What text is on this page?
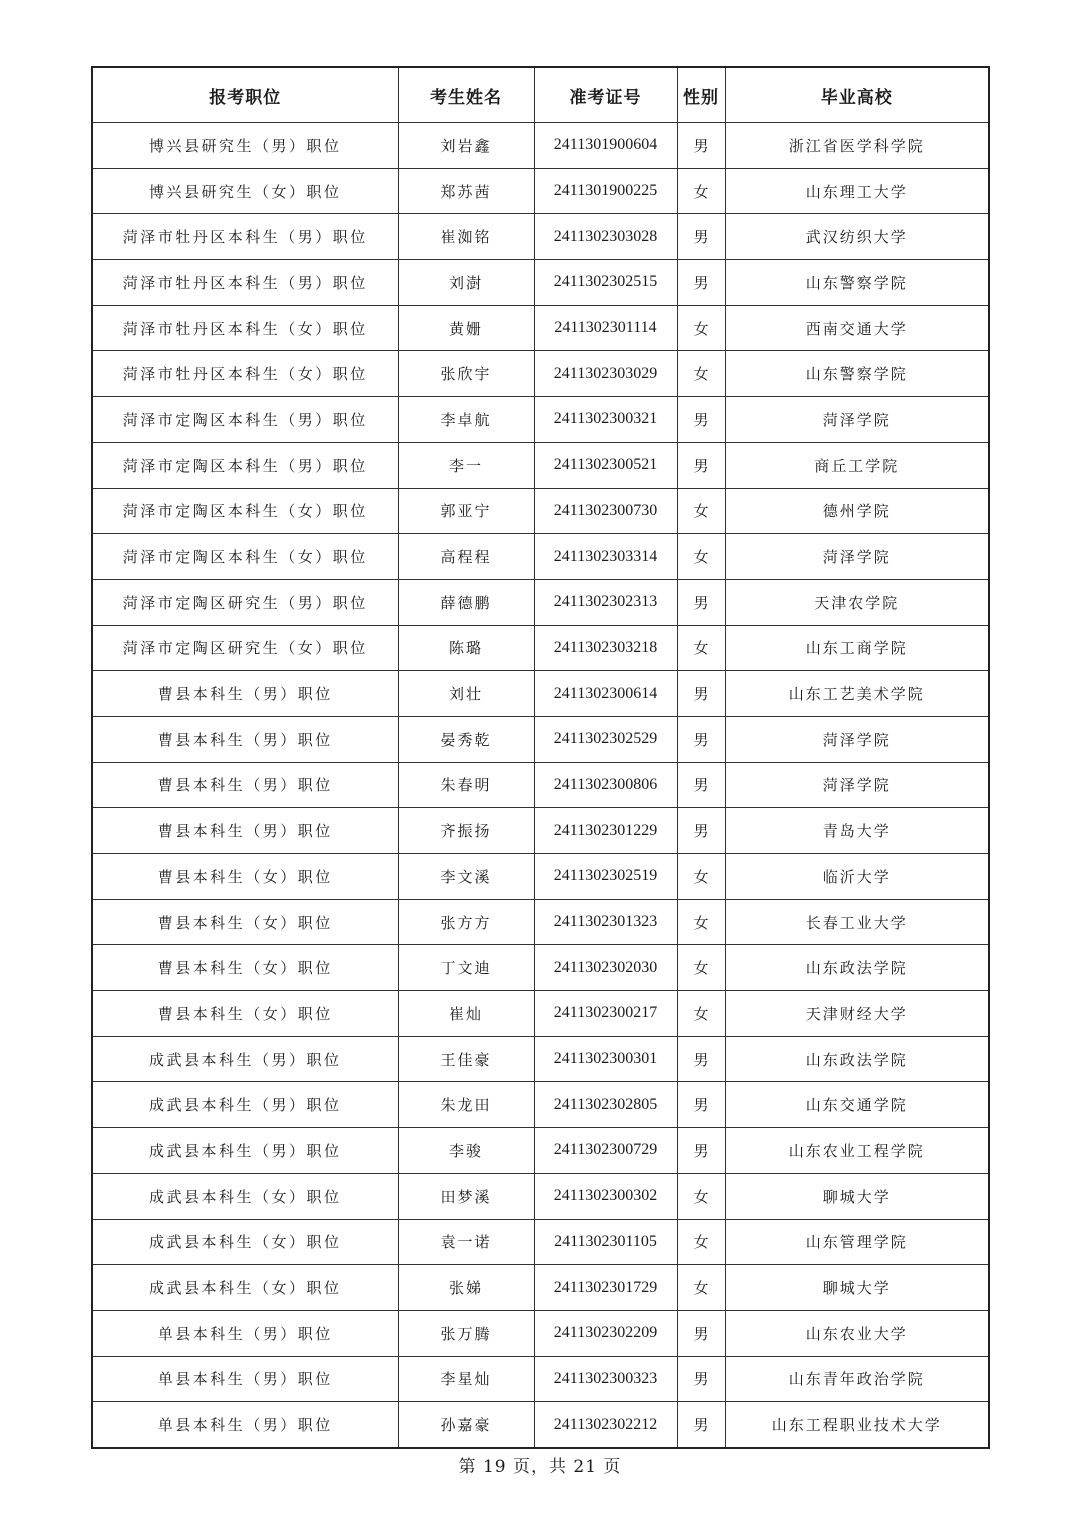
报考职位	考生姓名	准考证号	性别	毕业高校
博兴县研究生（男）职位	刘岩鑫	2411301900604	男	浙江省医学科学院
博兴县研究生（女）职位	郑苏茜	2411301900225	女	山东理工大学
菏泽市牡丹区本科生（男）职位	崔洳铭	2411302303028	男	武汉纺织大学
菏泽市牡丹区本科生（男）职位	刘澍	2411302302515	男	山东警察学院
菏泽市牡丹区本科生（女）职位	黄姗	2411302301114	女	西南交通大学
菏泽市牡丹区本科生（女）职位	张欣宇	2411302303029	女	山东警察学院
菏泽市定陶区本科生（男）职位	李卓航	2411302300321	男	菏泽学院
菏泽市定陶区本科生（男）职位	李一	2411302300521	男	商丘工学院
菏泽市定陶区本科生（女）职位	郭亚宁	2411302300730	女	德州学院
菏泽市定陶区本科生（女）职位	高程程	2411302303314	女	菏泽学院
菏泽市定陶区研究生（男）职位	薛德鹏	2411302302313	男	天津农学院
菏泽市定陶区研究生（女）职位	陈璐	2411302303218	女	山东工商学院
曹县本科生（男）职位	刘壮	2411302300614	男	山东工艺美术学院
曹县本科生（男）职位	晏秀乾	2411302302529	男	菏泽学院
曹县本科生（男）职位	朱春明	2411302300806	男	菏泽学院
曹县本科生（男）职位	齐振扬	2411302301229	男	青岛大学
曹县本科生（女）职位	李文溪	2411302302519	女	临沂大学
曹县本科生（女）职位	张方方	2411302301323	女	长春工业大学
曹县本科生（女）职位	丁文迪	2411302302030	女	山东政法学院
曹县本科生（女）职位	崔灿	2411302300217	女	天津财经大学
成武县本科生（男）职位	王佳豪	2411302300301	男	山东政法学院
成武县本科生（男）职位	朱龙田	2411302302805	男	山东交通学院
成武县本科生（男）职位	李骏	2411302300729	男	山东农业工程学院
成武县本科生（女）职位	田梦溪	2411302300302	女	聊城大学
成武县本科生（女）职位	袁一诺	2411302301105	女	山东管理学院
成武县本科生（女）职位	张娣	2411302301729	女	聊城大学
单县本科生（男）职位	张万腾	2411302302209	男	山东农业大学
单县本科生（男）职位	李星灿	2411302300323	男	山东青年政治学院
单县本科生（男）职位	孙嘉豪	2411302302212	男	山东工程职业技术大学
第 19 页，共 21 页
